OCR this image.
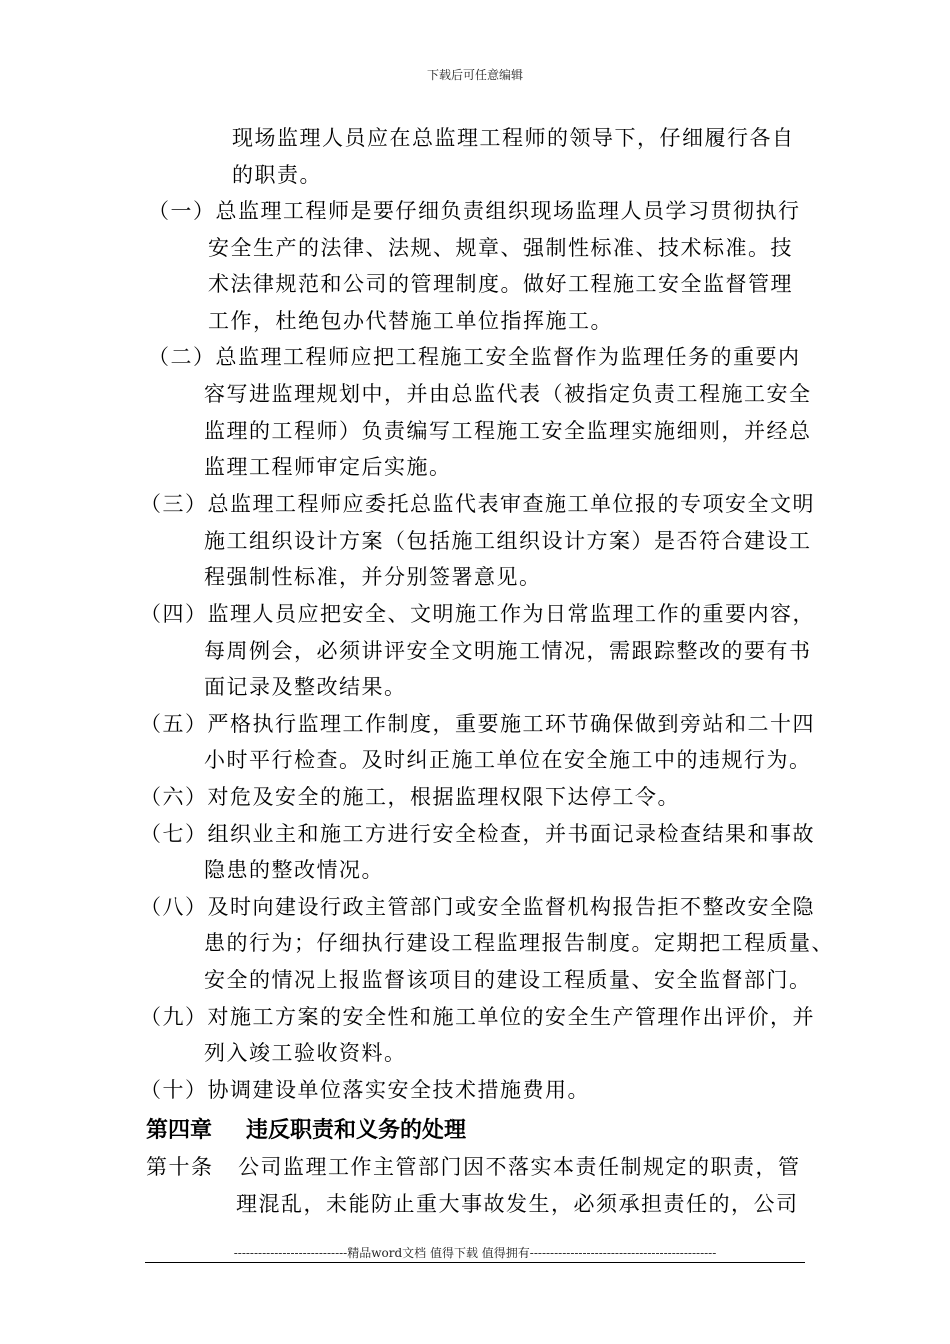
下载后可任意编辑
现场监理人员应在总监理工程师的领导下，仔细履行各自
的职责。
（一）总监理工程师是要仔细负责组织现场监理人员学习贯彻执行
安全生产的法律、法规、规章、强制性标准、技术标准。技
术法律规范和公司的管理制度。做好工程施工安全监督管理
工作，杜绝包办代替施工单位指挥施工。
（二）总监理工程师应把工程施工安全监督作为监理任务的重要内
容写进监理规划中，并由总监代表（被指定负责工程施工安全
监理的工程师）负责编写工程施工安全监理实施细则，并经总
监理工程师审定后实施。
（三）总监理工程师应委托总监代表审查施工单位报的专项安全文明
施工组织设计方案（包括施工组织设计方案）是否符合建设工
程强制性标准，并分别签署意见。
（四）监理人员应把安全、文明施工作为日常监理工作的重要内容，
每周例会，必须讲评安全文明施工情况，需跟踪整改的要有书
面记录及整改结果。
（五）严格执行监理工作制度，重要施工环节确保做到旁站和二十四
小时平行检查。及时纠正施工单位在安全施工中的违规行为。
（六）对危及安全的施工，根据监理权限下达停工令。
（七）组织业主和施工方进行安全检查，并书面记录检查结果和事故
隐患的整改情况。
（八）及时向建设行政主管部门或安全监督机构报告拒不整改安全隐
患的行为；仔细执行建设工程监理报告制度。定期把工程质量、
安全的情况上报监督该项目的建设工程质量、安全监督部门。
（九）对施工方案的安全性和施工单位的安全生产管理作出评价，并
列入竣工验收资料。
（十）协调建设单位落实安全技术措施费用。
第四章 违反职责和义务的处理
第十条 公司监理工作主管部门因不落实本责任制规定的职责，管
理混乱，未能防止重大事故发生，必须承担责任的，公司
----------------------------精品word文档 值得下载 值得拥有----------------------------------------------
